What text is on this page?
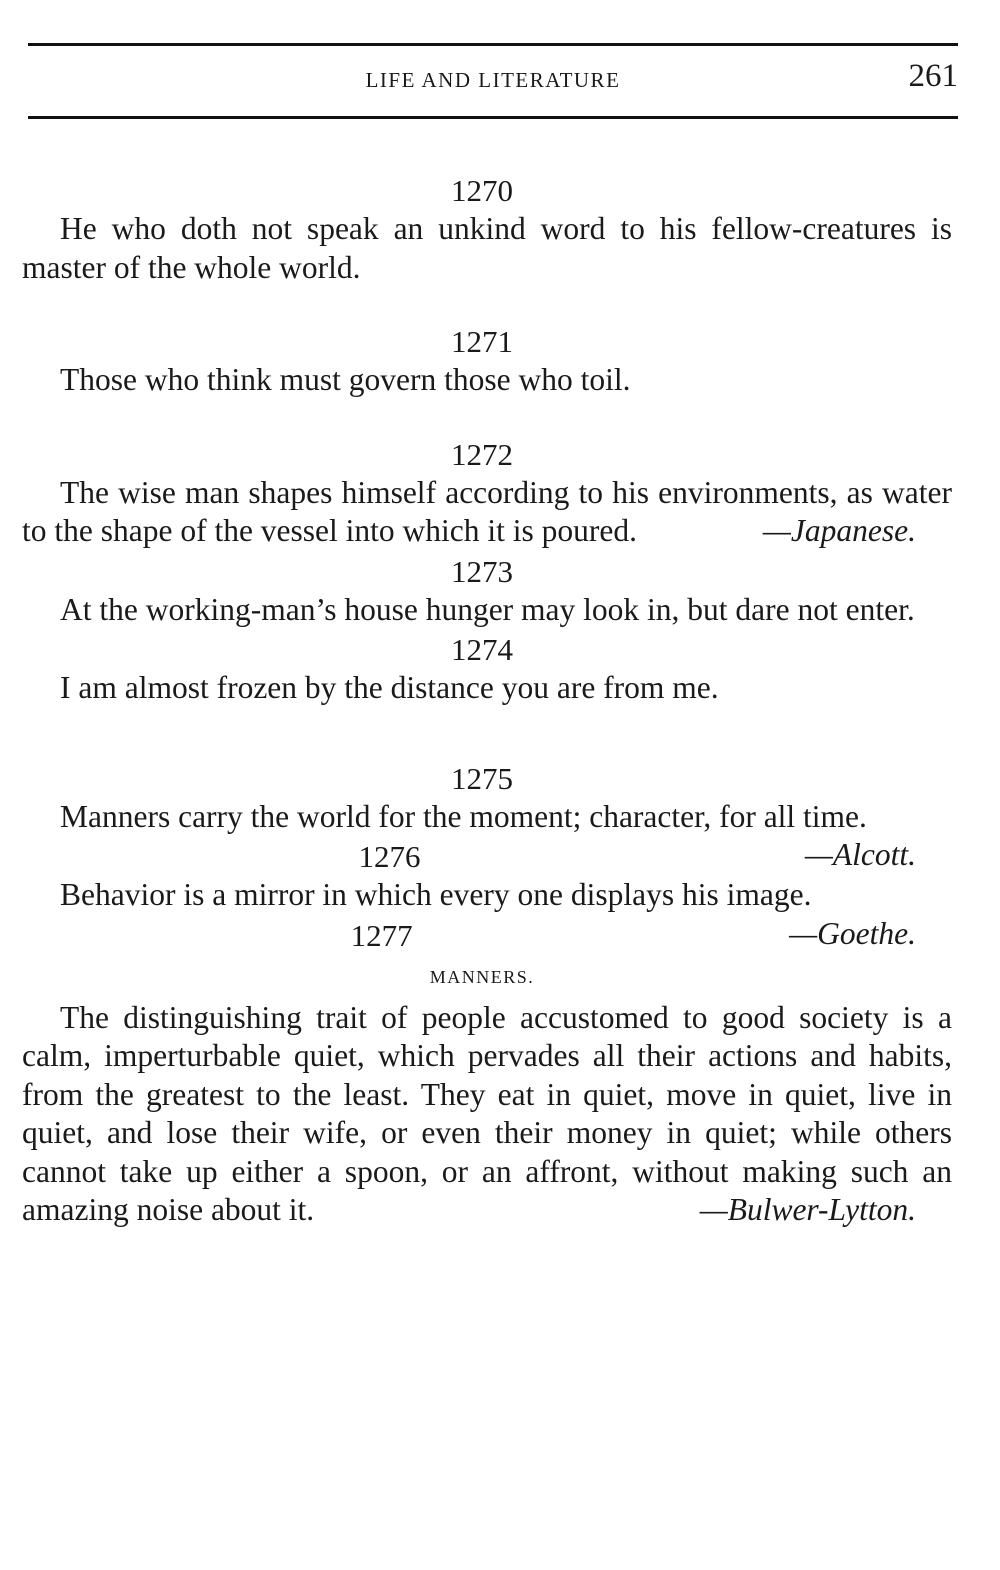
LIFE AND LITERATURE	261
1270

He who doth not speak an unkind word to his fellow-creatures is master of the whole world.

1271

Those who think must govern those who toil.

1272

The wise man shapes himself according to his environments, as water to the shape of the vessel into which it is poured.	—Japanese.

1273

At the working-man’s house hunger may look in, but dare not enter.

1274

I am almost frozen by the distance you are from me.

1275

Manners carry the world for the moment; character, for all time.
—Alcott.

1276

Behavior is a mirror in which every one displays his image.
—Goethe.

1277
MANNERS.

The distinguishing trait of people accustomed to good society is a calm, imperturbable quiet, which pervades all their actions and habits, from the greatest to the least. They eat in quiet, move in quiet, live in quiet, and lose their wife, or even their money in quiet; while others cannot take up either a spoon, or an affront, without making such an amazing noise about it.	—Bulwer-Lytton.
